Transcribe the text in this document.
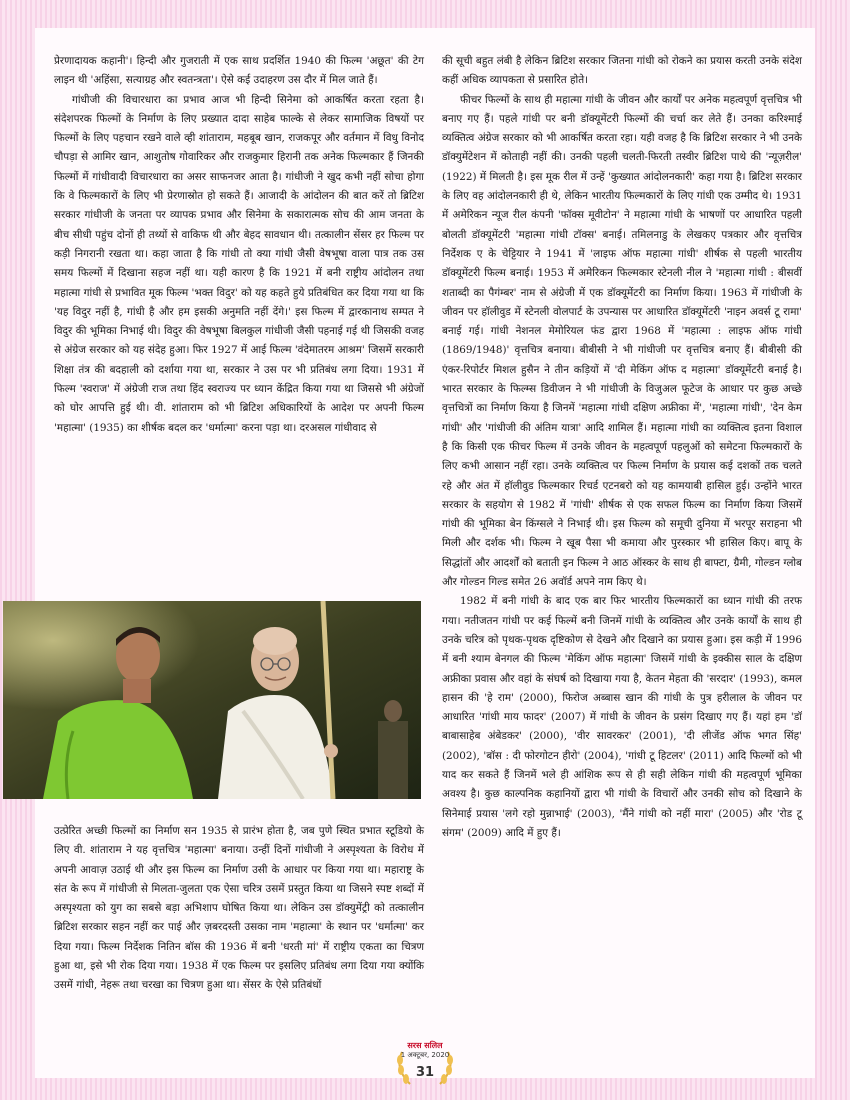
प्रेरणादायक कहानी'। हिन्दी और गुजराती में एक साथ प्रदर्शित 1940 की फिल्म 'अछूत' की टेग लाइन थी 'अहिंसा, सत्याग्रह और स्वतन्त्रता'। ऐसे कई उदाहरण उस दौर में मिल जाते हैं।

गांधीजी की विचारधारा का प्रभाव आज भी हिन्दी सिनेमा को आकर्षित करता रहता है। संदेशपरक फिल्मों के निर्माण के लिए प्रख्यात दादा साहेब फाल्के से लेकर सामाजिक विषयों पर फिल्मों के लिए पहचान रखने वाले व्ही शांताराम, महबूब खान, राजकपूर और वर्तमान में विधु विनोद चौपड़ा से आमिर खान, आशुतोष गोवारिकर और राजकुमार हिरानी तक अनेक फिल्मकार हैं जिनकी फिल्मों में गांधीवादी विचारधारा का असर साफनजर आता है। गांधीजी ने खुद कभी नहीं सोचा होगा कि वे फिल्मकारों के लिए भी प्रेरणास्रोत हो सकते हैं। आजादी के आंदोलन की बात करें तो ब्रिटिश सरकार गांधीजी के जनता पर व्यापक प्रभाव और सिनेमा के सकारात्मक सोच की आम जनता के बीच सीधी पहुंच दोनों ही तथ्यों से वाकिफ थी और बेहद सावधान थी। तत्कालीन सेंसर हर फिल्म पर कड़ी निगरानी रखता था। कहा जाता है कि गांधी तो क्या गांधी जैसी वेषभूषा वाला पात्र तक उस समय फिल्मों में दिखाना सहज नहीं था। यही कारण है कि 1921 में बनी राष्ट्रीय आंदोलन तथा महात्मा गांधी से प्रभावित मूक फिल्म 'भक्त विदुर' को यह कहते हुये प्रतिबंधित कर दिया गया था कि 'यह विदुर नहीं है, गांधी है और हम इसकी अनुमति नहीं देंगे।' इस फिल्म में द्वारकानाथ सम्पत ने विदुर की भूमिका निभाई थी। विदुर की वेषभूषा बिलकुल गांधीजी जैसी पहनाई गई थी जिसकी वजह से अंग्रेज सरकार को यह संदेह हुआ। फिर 1927 में आई फिल्म 'वंदेमातरम आश्रम' जिसमें सरकारी शिक्षा तंत्र की बदहाली को दर्शाया गया था, सरकार ने उस पर भी प्रतिबंध लगा दिया। 1931 में फिल्म 'स्वराज' में अंग्रेजी राज तथा हिंद स्वराज्य पर ध्यान केंद्रित किया गया था जिससे भी अंग्रेजों को घोर आपत्ति हुई थी। वी. शांताराम को भी ब्रिटिश अधिकारियों के आदेश पर अपनी फिल्म 'महात्मा' (1935) का शीर्षक बदल कर 'धर्मात्मा' करना पड़ा था। दरअसल गांधीवाद से

उत्प्रेरित अच्छी फिल्मों का निर्माण सन 1935 से प्रारंभ होता है, जब पुणे स्थित प्रभात स्टूडियो के लिए वी. शांताराम ने यह वृत्तचित्र 'महात्मा' बनाया। उन्हीं दिनों गांधीजी ने अस्पृश्यता के विरोध में अपनी आवाज़ उठाई थी और इस फिल्म का निर्माण उसी के आधार पर किया गया था। महाराष्ट्र के संत के रूप में गांधीजी से मिलता-जुलता एक ऐसा चरित्र उसमें प्रस्तुत किया था जिसने स्पष्ट शब्दों में अस्पृश्यता को युग का सबसे बड़ा अभिशाप घोषित किया था। लेकिन उस डॉक्युमेंट्री को तत्कालीन ब्रिटिश सरकार सहन नहीं कर पाई और ज़बरदस्ती उसका नाम 'महात्मा' के स्थान पर 'धर्मात्मा' कर दिया गया। फिल्म निर्देशक नितिन बॉस की 1936 में बनी 'धरती मां' में राष्ट्रीय एकता का चित्रण हुआ था, इसे भी रोक दिया गया। 1938 में एक फिल्म पर इसलिए प्रतिबंध लगा दिया गया क्योंकि उसमें गांधी, नेहरू तथा चरखा का चित्रण हुआ था। सेंसर के ऐसे प्रतिबंधों

की सूची बहुत लंबी है लेकिन ब्रिटिश सरकार जितना गांधी को रोकने का प्रयास करती उनके संदेश कहीं अधिक व्यापकता से प्रसारित होते।

फीचर फिल्मों के साथ ही महात्मा गांधी के जीवन और कार्यों पर अनेक महत्वपूर्ण वृत्तचित्र भी बनाए गए हैं। पहले गांधी पर बनी डॉक्यूमेंटरी फिल्मों की चर्चा कर लेते हैं। उनका करिश्माई व्यक्तित्व अंग्रेज सरकार को भी आकर्षित करता रहा। यही वजह है कि ब्रिटिश सरकार ने भी उनके डॉक्युमेंटेशन में कोताही नहीं की। उनकी पहली चलती-फिरती तस्वीर ब्रिटिश पाथे की 'न्यूज़रील' (1922) में मिलती है। इस मूक रील में उन्हें 'कुख्यात आंदोलनकारी' कहा गया है। ब्रिटिश सरकार के लिए वह आंदोलनकारी ही थे, लेकिन भारतीय फिल्मकारों के लिए गांधी एक उम्मीद थे। 1931 में अमेरिकन न्यूज रील कंपनी 'फॉक्स मूवीटोन' ने महात्मा गांधी के भाषणों पर आधारित पहली बोलती डॉक्यूमेंटरी 'महात्मा गांधी टॉक्स' बनाई। तमिलनाडु के लेखकए पत्रकार और वृत्तचित्र निर्देशक ए के चेट्टियार ने 1941 में 'लाइफ ऑफ महात्मा गांधी' शीर्षक से पहली भारतीय डॉक्यूमेंटरी फिल्म बनाई। 1953 में अमेरिकन फिल्मकार स्टेनली नील ने 'महात्मा गांधी : बीसवीं शताब्दी का पैगंम्बर' नाम से अंग्रेजी में एक डॉक्यूमेंटरी का निर्माण किया। 1963 में गांधीजी के जीवन पर हॉलीवुड में स्टेनली वोलपार्ट के उपन्यास पर आधारित डॉक्यूमेंटरी 'नाइन अवर्स टू रामा' बनाई गई। गांधी नेशनल मेमोरियल फंड द्वारा 1968 में 'महात्मा : लाइफ ऑफ गांधी (1869/1948)' वृत्तचित्र बनाया। बीबीसी ने भी गांधीजी पर वृत्तचित्र बनाए हैं। बीबीसी की एंकर-रिपोर्टर मिशल हुसैन ने तीन कड़ियों में 'दी मेकिंग ऑफ द महात्मा' डॉक्यूमेंटरी बनाई है। भारत सरकार के फिल्म्स डिवीजन ने भी गांधीजी के विजुअल फूटेज के आधार पर कुछ अच्छे वृत्तचित्रों का निर्माण किया है जिनमें 'महात्मा गांधी दक्षिण अफ्रीका में', 'महात्मा गांधी', 'देन केम गांधी' और 'गांधीजी की अंतिम यात्रा' आदि शामिल हैं। महात्मा गांधी का व्यक्तित्व इतना विशाल है कि किसी एक फीचर फिल्म में उनके जीवन के महत्वपूर्ण पहलुओं को समेटना फिल्मकारों के लिए कभी आसान नहीं रहा। उनके व्यक्तित्व पर फिल्म निर्माण के प्रयास कई दशकों तक चलते रहे और अंत में हॉलीवुड फिल्मकार रिचर्ड एटनबरो को यह कामयाबी हासिल हुई। उन्होंने भारत सरकार के सहयोग से 1982 में 'गांधी' शीर्षक से एक सफल फिल्म का निर्माण किया जिसमें गांधी की भूमिका बेन किंग्सले ने निभाई थी। इस फिल्म को समूची दुनिया में भरपूर सराहना भी मिली और दर्शक भी। फिल्म ने खूब पैसा भी कमाया और पुरस्कार भी हासिल किए। बापू के सिद्धांतों और आदर्शों को बताती इन फिल्म ने आठ ऑस्कर के साथ ही बाफ्टा, ग्रैमी, गोल्डन ग्लोब और गोल्डन गिल्ड समेत 26 अवॉर्ड अपने नाम किए थे।

1982 में बनी गांधी के बाद एक बार फिर भारतीय फिल्मकारों का ध्यान गांधी की तरफ गया। नतीजतन गांधी पर कई फिल्में बनी जिनमें गांधी के व्यक्तित्व और उनके कार्यों के साथ ही उनके चरित्र को पृथक-पृथक दृष्टिकोण से देखने और दिखाने का प्रयास हुआ। इस कड़ी में 1996 में बनी श्याम बेनगल की फिल्म 'मेकिंग ऑफ महात्मा' जिसमें गांधी के इक्कीस साल के दक्षिण अफ्रीका प्रवास और वहां के संघर्ष को दिखाया गया है, केतन मेहता की 'सरदार' (1993), कमल हासन की 'हे राम' (2000), फिरोज अब्बास खान की गांधी के पुत्र हरीलाल के जीवन पर आधारित 'गांधी माय फादर' (2007) में गांधी के जीवन के प्रसंग दिखाए गए हैं। यहां हम 'डॉ बाबासाहेब अंबेडकर' (2000), 'वीर सावरकर' (2001), 'दी लीजेंड ऑफ भगत सिंह' (2002), 'बॉस : दी फोरगोटन हीरो' (2004), 'गांधी टू हिटलर' (2011) आदि फिल्मों को भी याद कर सकते हैं जिनमें भले ही आंशिक रूप से ही सही लेकिन गांधी की महत्वपूर्ण भूमिका अवश्य है। कुछ काल्पनिक कहानियों द्वारा भी गांधी के विचारों और उनकी सोच को दिखाने के सिनेमाई प्रयास 'लगे रहो मुन्नाभाई' (2003), 'मैंने गांधी को नहीं मारा' (2005) और 'रोड टू संगम' (2009) आदि में हुए हैं।

सरस सलिल
1 अक्टूबर, 2020
31
